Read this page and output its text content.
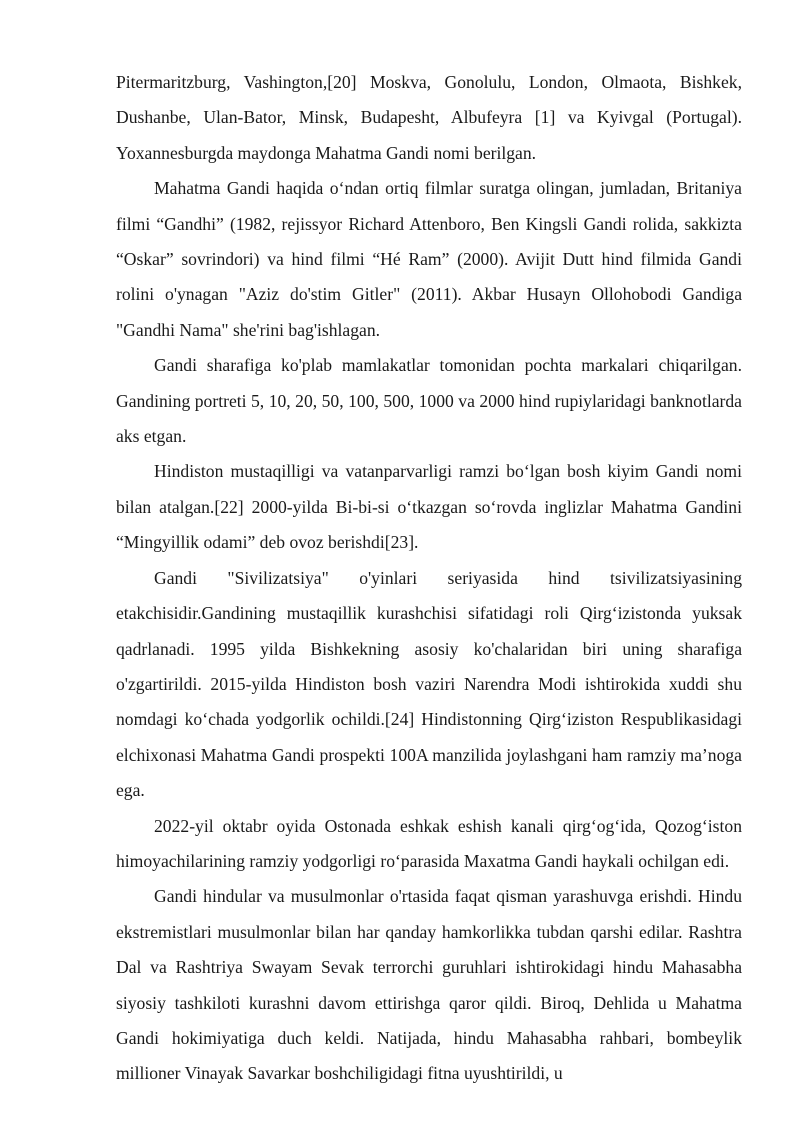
Pitermaritzburg, Vashington,[20] Moskva, Gonolulu, London, Olmaota, Bishkek, Dushanbe, Ulan-Bator, Minsk, Budapesht, Albufeyra [1] va Kyivgal (Portugal). Yoxannesburgda maydonga Mahatma Gandi nomi berilgan.

Mahatma Gandi haqida o‘ndan ortiq filmlar suratga olingan, jumladan, Britaniya filmi “Gandhi” (1982, rejissyor Richard Attenboro, Ben Kingsli Gandi rolida, sakkizta “Oskar” sovrindori) va hind filmi “Hé Ram” (2000). Avijit Dutt hind filmida Gandi rolini o'ynagan "Aziz do'stim Gitler" (2011). Akbar Husayn Ollohobodi Gandiga "Gandhi Nama" she'rini bag'ishlagan.

Gandi sharafiga ko'plab mamlakatlar tomonidan pochta markalari chiqarilgan. Gandining portreti 5, 10, 20, 50, 100, 500, 1000 va 2000 hind rupiylaridagi banknotlarda aks etgan.

Hindiston mustaqilligi va vatanparvarligi ramzi bo‘lgan bosh kiyim Gandi nomi bilan atalgan.[22] 2000-yilda Bi-bi-si o‘tkazgan so‘rovda inglizlar Mahatma Gandini “Mingyillik odami” deb ovoz berishdi[23].

Gandi "Sivilizatsiya" o'yinlari seriyasida hind tsivilizatsiyasining etakchisidir.Gandining mustaqillik kurashchisi sifatidagi roli Qirg‘izistonda yuksak qadrlanadi. 1995 yilda Bishkekning asosiy ko'chalaridan biri uning sharafiga o'zgartirildi. 2015-yilda Hindiston bosh vaziri Narendra Modi ishtirokida xuddi shu nomdagi ko‘chada yodgorlik ochildi.[24] Hindistonning Qirg‘iziston Respublikasidagi elchixonasi Mahatma Gandi prospekti 100A manzilida joylashgani ham ramziy ma’noga ega.

2022-yil oktabr oyida Ostonada eshkak eshish kanali qirg‘og‘ida, Qozog‘iston himoyachilarining ramziy yodgorligi ro‘parasida Maxatma Gandi haykali ochilgan edi.

Gandi hindular va musulmonlar o'rtasida faqat qisman yarashuvga erishdi. Hindu ekstremistlari musulmonlar bilan har qanday hamkorlikka tubdan qarshi edilar. Rashtra Dal va Rashtriya Swayam Sevak terrorchi guruhlari ishtirokidagi hindu Mahasabha siyosiy tashkiloti kurashni davom ettirishga qaror qildi. Biroq, Dehlida u Mahatma Gandi hokimiyatiga duch keldi. Natijada, hindu Mahasabha rahbari, bombeylik millioner Vinayak Savarkar boshchiligidagi fitna uyushtirildi, u
